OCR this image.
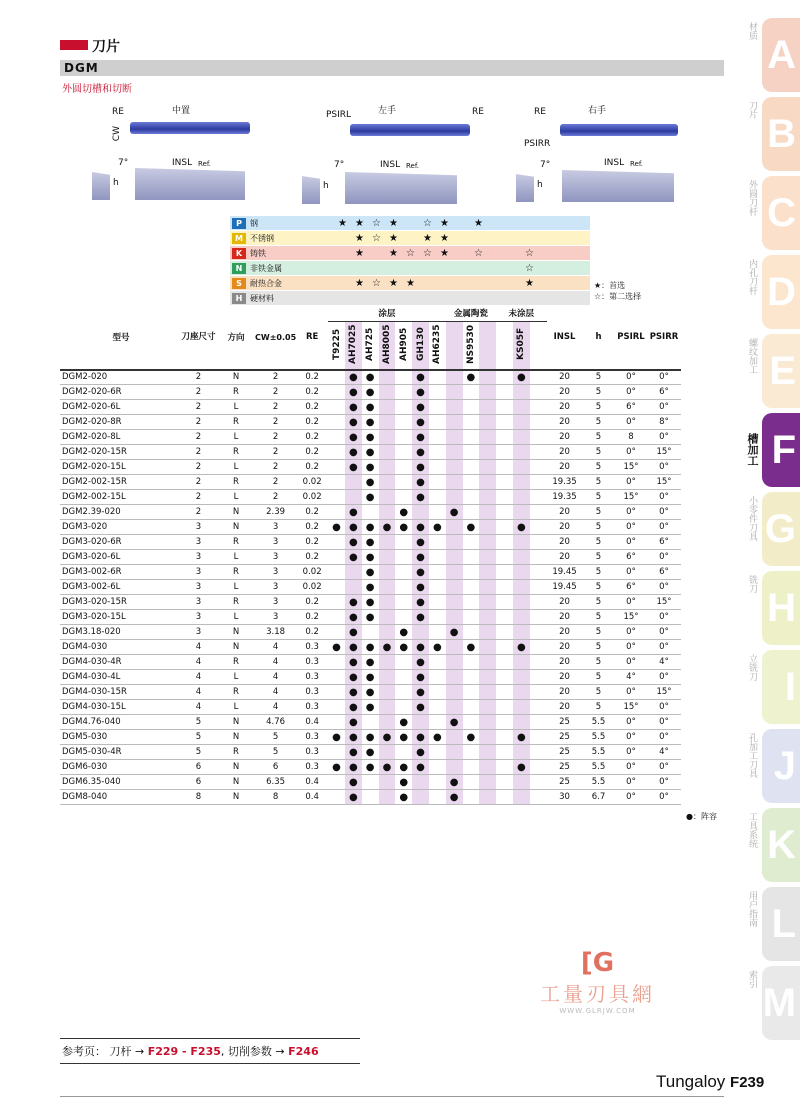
刀片
DGM
外圆切槽和切断
中置
RE
CW
7°	INSL Ref.
h
左手
PSIRL	RE
7°	INSL Ref.
h
右手
RE
PSIRR
7°	INSL Ref.
h
P	钢	★ ★ ☆ ★	☆ ★	★
M 不锈钢	★ ☆ ★	★ ★
K 铸铁	★	★ ☆ ☆ ★	☆	☆
N 非铁金属	☆
S	耐热合金	★ ☆ ★ ★	★
H 硬材料
★：首选
☆：第二选择
型号	刀座尺寸	方向	CW±0.05	RE	涂层							金属陶瓷			未涂层			INSL	h	PSIRL	PSIRR
					T9225	AH7025	AH725	AH8005	AH905	GH130	AH6235		NS9530			KS05F					
DGM2-020	2	N	2	0.2		●	●			●			●			●		20	5	0°	0°
DGM2-020-6R	2	R	2	0.2		●	●			●								20	5	0°	6°
DGM2-020-6L	2	L	2	0.2		●	●			●								20	5	6°	0°
DGM2-020-8R	2	R	2	0.2		●	●			●								20	5	0°	8°
DGM2-020-8L	2	L	2	0.2		●	●			●								20	5	8	0°
DGM2-020-15R	2	R	2	0.2		●	●			●								20	5	0°	15°
DGM2-020-15L	2	L	2	0.2		●	●			●								20	5	15°	0°
DGM2-002-15R	2	R	2	0.02			●			●								19.35	5	0°	15°
DGM2-002-15L	2	L	2	0.02			●			●								19.35	5	15°	0°
DGM2.39-020	2	N	2.39	0.2		●			●			●						20	5	0°	0°
DGM3-020	3	N	3	0.2	●	●	●	●	●	●	●		●			●		20	5	0°	0°
DGM3-020-6R	3	R	3	0.2		●	●			●								20	5	0°	6°
DGM3-020-6L	3	L	3	0.2		●	●			●								20	5	6°	0°
DGM3-002-6R	3	R	3	0.02			●			●								19.45	5	0°	6°
DGM3-002-6L	3	L	3	0.02			●			●								19.45	5	6°	0°
DGM3-020-15R	3	R	3	0.2		●	●			●								20	5	0°	15°
DGM3-020-15L	3	L	3	0.2		●	●			●								20	5	15°	0°
DGM3.18-020	3	N	3.18	0.2		●			●			●						20	5	0°	0°
DGM4-030	4	N	4	0.3	●	●	●	●	●	●	●		●			●		20	5	0°	0°
DGM4-030-4R	4	R	4	0.3		●	●			●								20	5	0°	4°
DGM4-030-4L	4	L	4	0.3		●	●			●								20	5	4°	0°
DGM4-030-15R	4	R	4	0.3		●	●			●								20	5	0°	15°
DGM4-030-15L	4	L	4	0.3		●	●			●								20	5	15°	0°
DGM4.76-040	5	N	4.76	0.4		●			●			●						25	5.5	0°	0°
DGM5-030	5	N	5	0.3	●	●	●	●	●	●	●		●			●		25	5.5	0°	0°
DGM5-030-4R	5	R	5	0.3		●	●			●								25	5.5	0°	4°
DGM6-030	6	N	6	0.3	●	●	●	●	●	●						●		25	5.5	0°	0°
DGM6.35-040	6	N	6.35	0.4		●			●			●						25	5.5	0°	0°
DGM8-040	8	N	8	0.4		●			●			●						30	6.7	0°	0°
●：阵容
材质
A
刀片
B
外圆刀杆 C
内孔刀杆 D
螺纹加工 E
槽加工 F
小零件刀具 G
铣刀
H
立铣刀 I
孔加工刀具 J
工具系统 K
用户指南 L
索引
M
[G
工量刃具網
WWW.GLRJW.COM
参考页： 刀杆 → F229 - F235, 切削参数 → F246
Tungaloy F239
